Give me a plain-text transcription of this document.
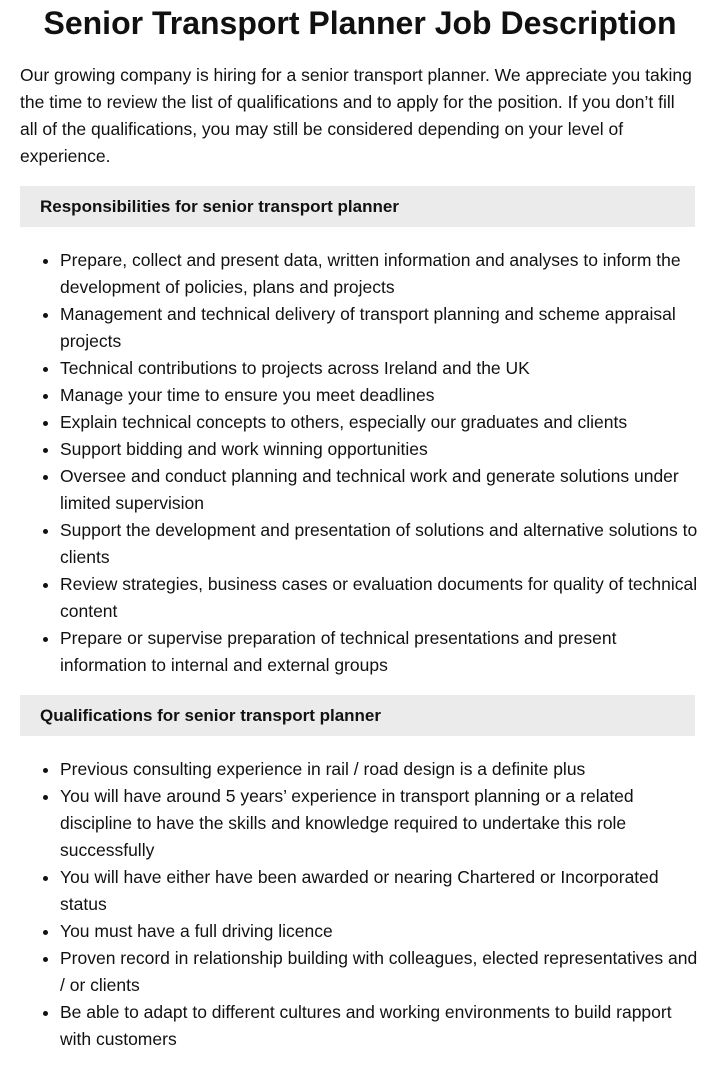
Senior Transport Planner Job Description

Our growing company is hiring for a senior transport planner. We appreciate you taking the time to review the list of qualifications and to apply for the position. If you don’t fill all of the qualifications, you may still be considered depending on your level of experience.

Responsibilities for senior transport planner
• Prepare, collect and present data, written information and analyses to inform the development of policies, plans and projects
• Management and technical delivery of transport planning and scheme appraisal projects
• Technical contributions to projects across Ireland and the UK
• Manage your time to ensure you meet deadlines
• Explain technical concepts to others, especially our graduates and clients
• Support bidding and work winning opportunities
• Oversee and conduct planning and technical work and generate solutions under limited supervision
• Support the development and presentation of solutions and alternative solutions to clients
• Review strategies, business cases or evaluation documents for quality of technical content
• Prepare or supervise preparation of technical presentations and present information to internal and external groups
Qualifications for senior transport planner
• Previous consulting experience in rail / road design is a definite plus
• You will have around 5 years’ experience in transport planning or a related discipline to have the skills and knowledge required to undertake this role successfully
• You will have either have been awarded or nearing Chartered or Incorporated status
• You must have a full driving licence
• Proven record in relationship building with colleagues, elected representatives and / or clients
• Be able to adapt to different cultures and working environments to build rapport with customers
